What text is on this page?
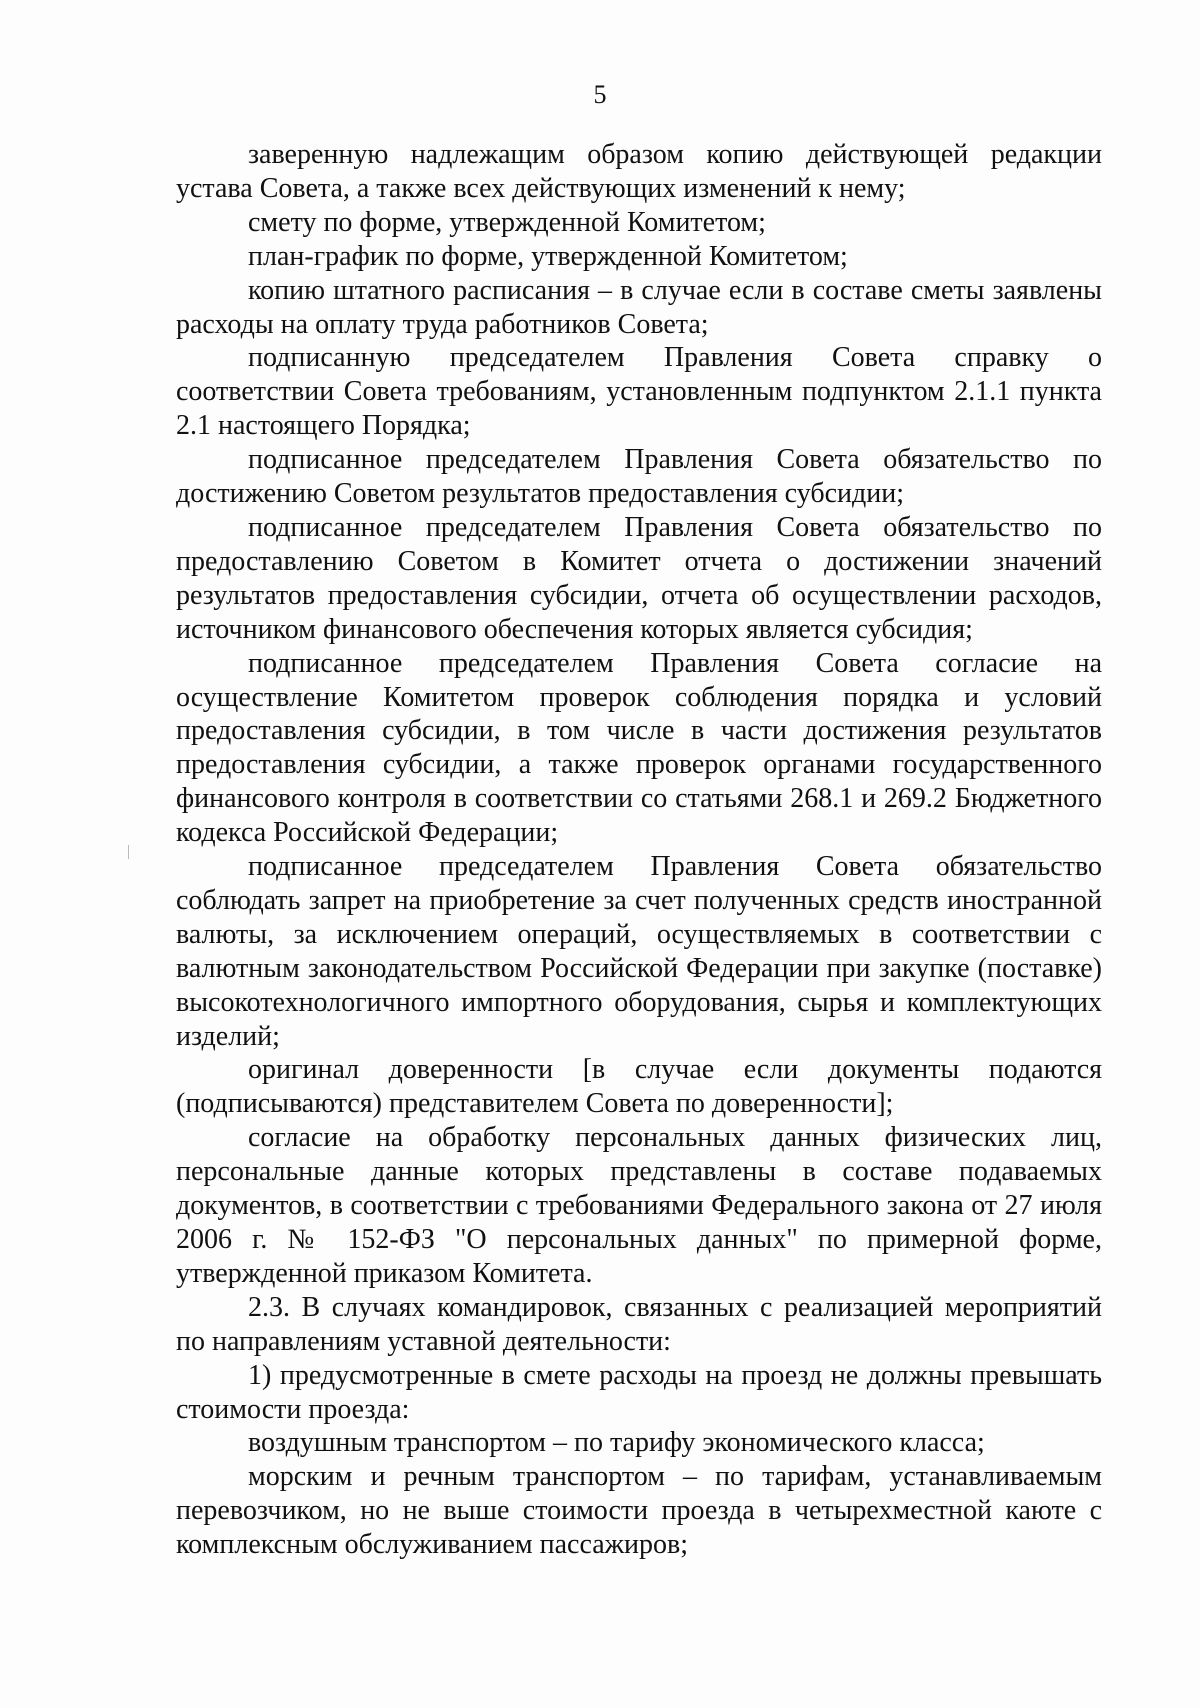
5

заверенную надлежащим образом копию действующей редакции устава Совета, а также всех действующих изменений к нему;

смету по форме, утвержденной Комитетом;

план-график по форме, утвержденной Комитетом;

копию штатного расписания – в случае если в составе сметы заявлены расходы на оплату труда работников Совета;

подписанную председателем Правления Совета справку о соответствии Совета требованиям, установленным подпунктом 2.1.1 пункта 2.1 настоящего Порядка;

подписанное председателем Правления Совета обязательство по достижению Советом результатов предоставления субсидии;

подписанное председателем Правления Совета обязательство по предоставлению Советом в Комитет отчета о достижении значений результатов предоставления субсидии, отчета об осуществлении расходов, источником финансового обеспечения которых является субсидия;

подписанное председателем Правления Совета согласие на осуществление Комитетом проверок соблюдения порядка и условий предоставления субсидии, в том числе в части достижения результатов предоставления субсидии, а также проверок органами государственного финансового контроля в соответствии со статьями 268.1 и 269.2 Бюджетного кодекса Российской Федерации;

подписанное председателем Правления Совета обязательство соблюдать запрет на приобретение за счет полученных средств иностранной валюты, за исключением операций, осуществляемых в соответствии с валютным законодательством Российской Федерации при закупке (поставке) высокотехнологичного импортного оборудования, сырья и комплектующих изделий;

оригинал доверенности [в случае если документы подаются (подписываются) представителем Совета по доверенности];

согласие на обработку персональных данных физических лиц, персональные данные которых представлены в составе подаваемых документов, в соответствии с требованиями Федерального закона от 27 июля 2006 г. № 152-ФЗ "О персональных данных" по примерной форме, утвержденной приказом Комитета.

2.3. В случаях командировок, связанных с реализацией мероприятий по направлениям уставной деятельности:

1) предусмотренные в смете расходы на проезд не должны превышать стоимости проезда:

воздушным транспортом – по тарифу экономического класса;

морским и речным транспортом – по тарифам, устанавливаемым перевозчиком, но не выше стоимости проезда в четырехместной каюте с комплексным обслуживанием пассажиров;
